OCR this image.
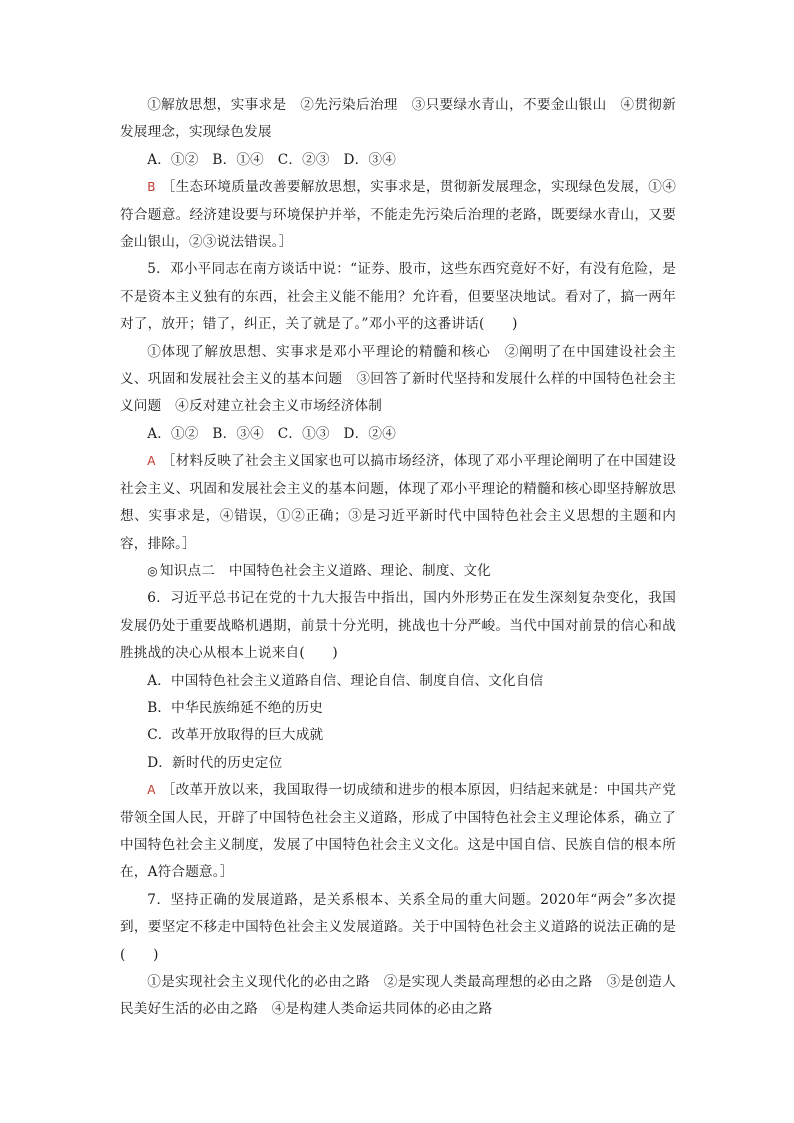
①解放思想，实事求是　②先污染后治理　③只要绿水青山，不要金山银山　④贯彻新发展理念，实现绿色发展

A．①②　B．①④　C．②③　D．③④

B ［生态环境质量改善要解放思想，实事求是，贯彻新发展理念，实现绿色发展，①④符合题意。经济建设要与环境保护并举，不能走先污染后治理的老路，既要绿水青山，又要金山银山，②③说法错误。］

5．邓小平同志在南方谈话中说：“证券、股市，这些东西究竟好不好，有没有危险，是不是资本主义独有的东西，社会主义能不能用？允许看，但要坚决地试。看对了，搞一两年对了，放开；错了，纠正，关了就是了。”邓小平的这番讲话(　　)

①体现了解放思想、实事求是邓小平理论的精髓和核心　②阐明了在中国建设社会主义、巩固和发展社会主义的基本问题　③回答了新时代坚持和发展什么样的中国特色社会主义问题　④反对建立社会主义市场经济体制

A．①②　B．③④　C．①③　D．②④

A ［材料反映了社会主义国家也可以搞市场经济，体现了邓小平理论阐明了在中国建设社会主义、巩固和发展社会主义的基本问题，体现了邓小平理论的精髓和核心即坚持解放思想、实事求是，④错误，①②正确；③是习近平新时代中国特色社会主义思想的主题和内容，排除。］

◎ 知识点二　中国特色社会主义道路、理论、制度、文化

6．习近平总书记在党的十九大报告中指出，国内外形势正在发生深刻复杂变化，我国发展仍处于重要战略机遇期，前景十分光明，挑战也十分严峻。当代中国对前景的信心和战胜挑战的决心从根本上说来自(　　)

A．中国特色社会主义道路自信、理论自信、制度自信、文化自信

B．中华民族绵延不绝的历史

C．改革开放取得的巨大成就

D．新时代的历史定位

A ［改革开放以来，我国取得一切成绩和进步的根本原因，归结起来就是：中国共产党带领全国人民，开辟了中国特色社会主义道路，形成了中国特色社会主义理论体系，确立了中国特色社会主义制度，发展了中国特色社会主义文化。这是中国自信、民族自信的根本所在，A符合题意。］

7．坚持正确的发展道路，是关系根本、关系全局的重大问题。2020年“两会”多次提到，要坚定不移走中国特色社会主义发展道路。关于中国特色社会主义道路的说法正确的是(　　)

①是实现社会主义现代化的必由之路　②是实现人类最高理想的必由之路　③是创造人民美好生活的必由之路　④是构建人类命运共同体的必由之路
